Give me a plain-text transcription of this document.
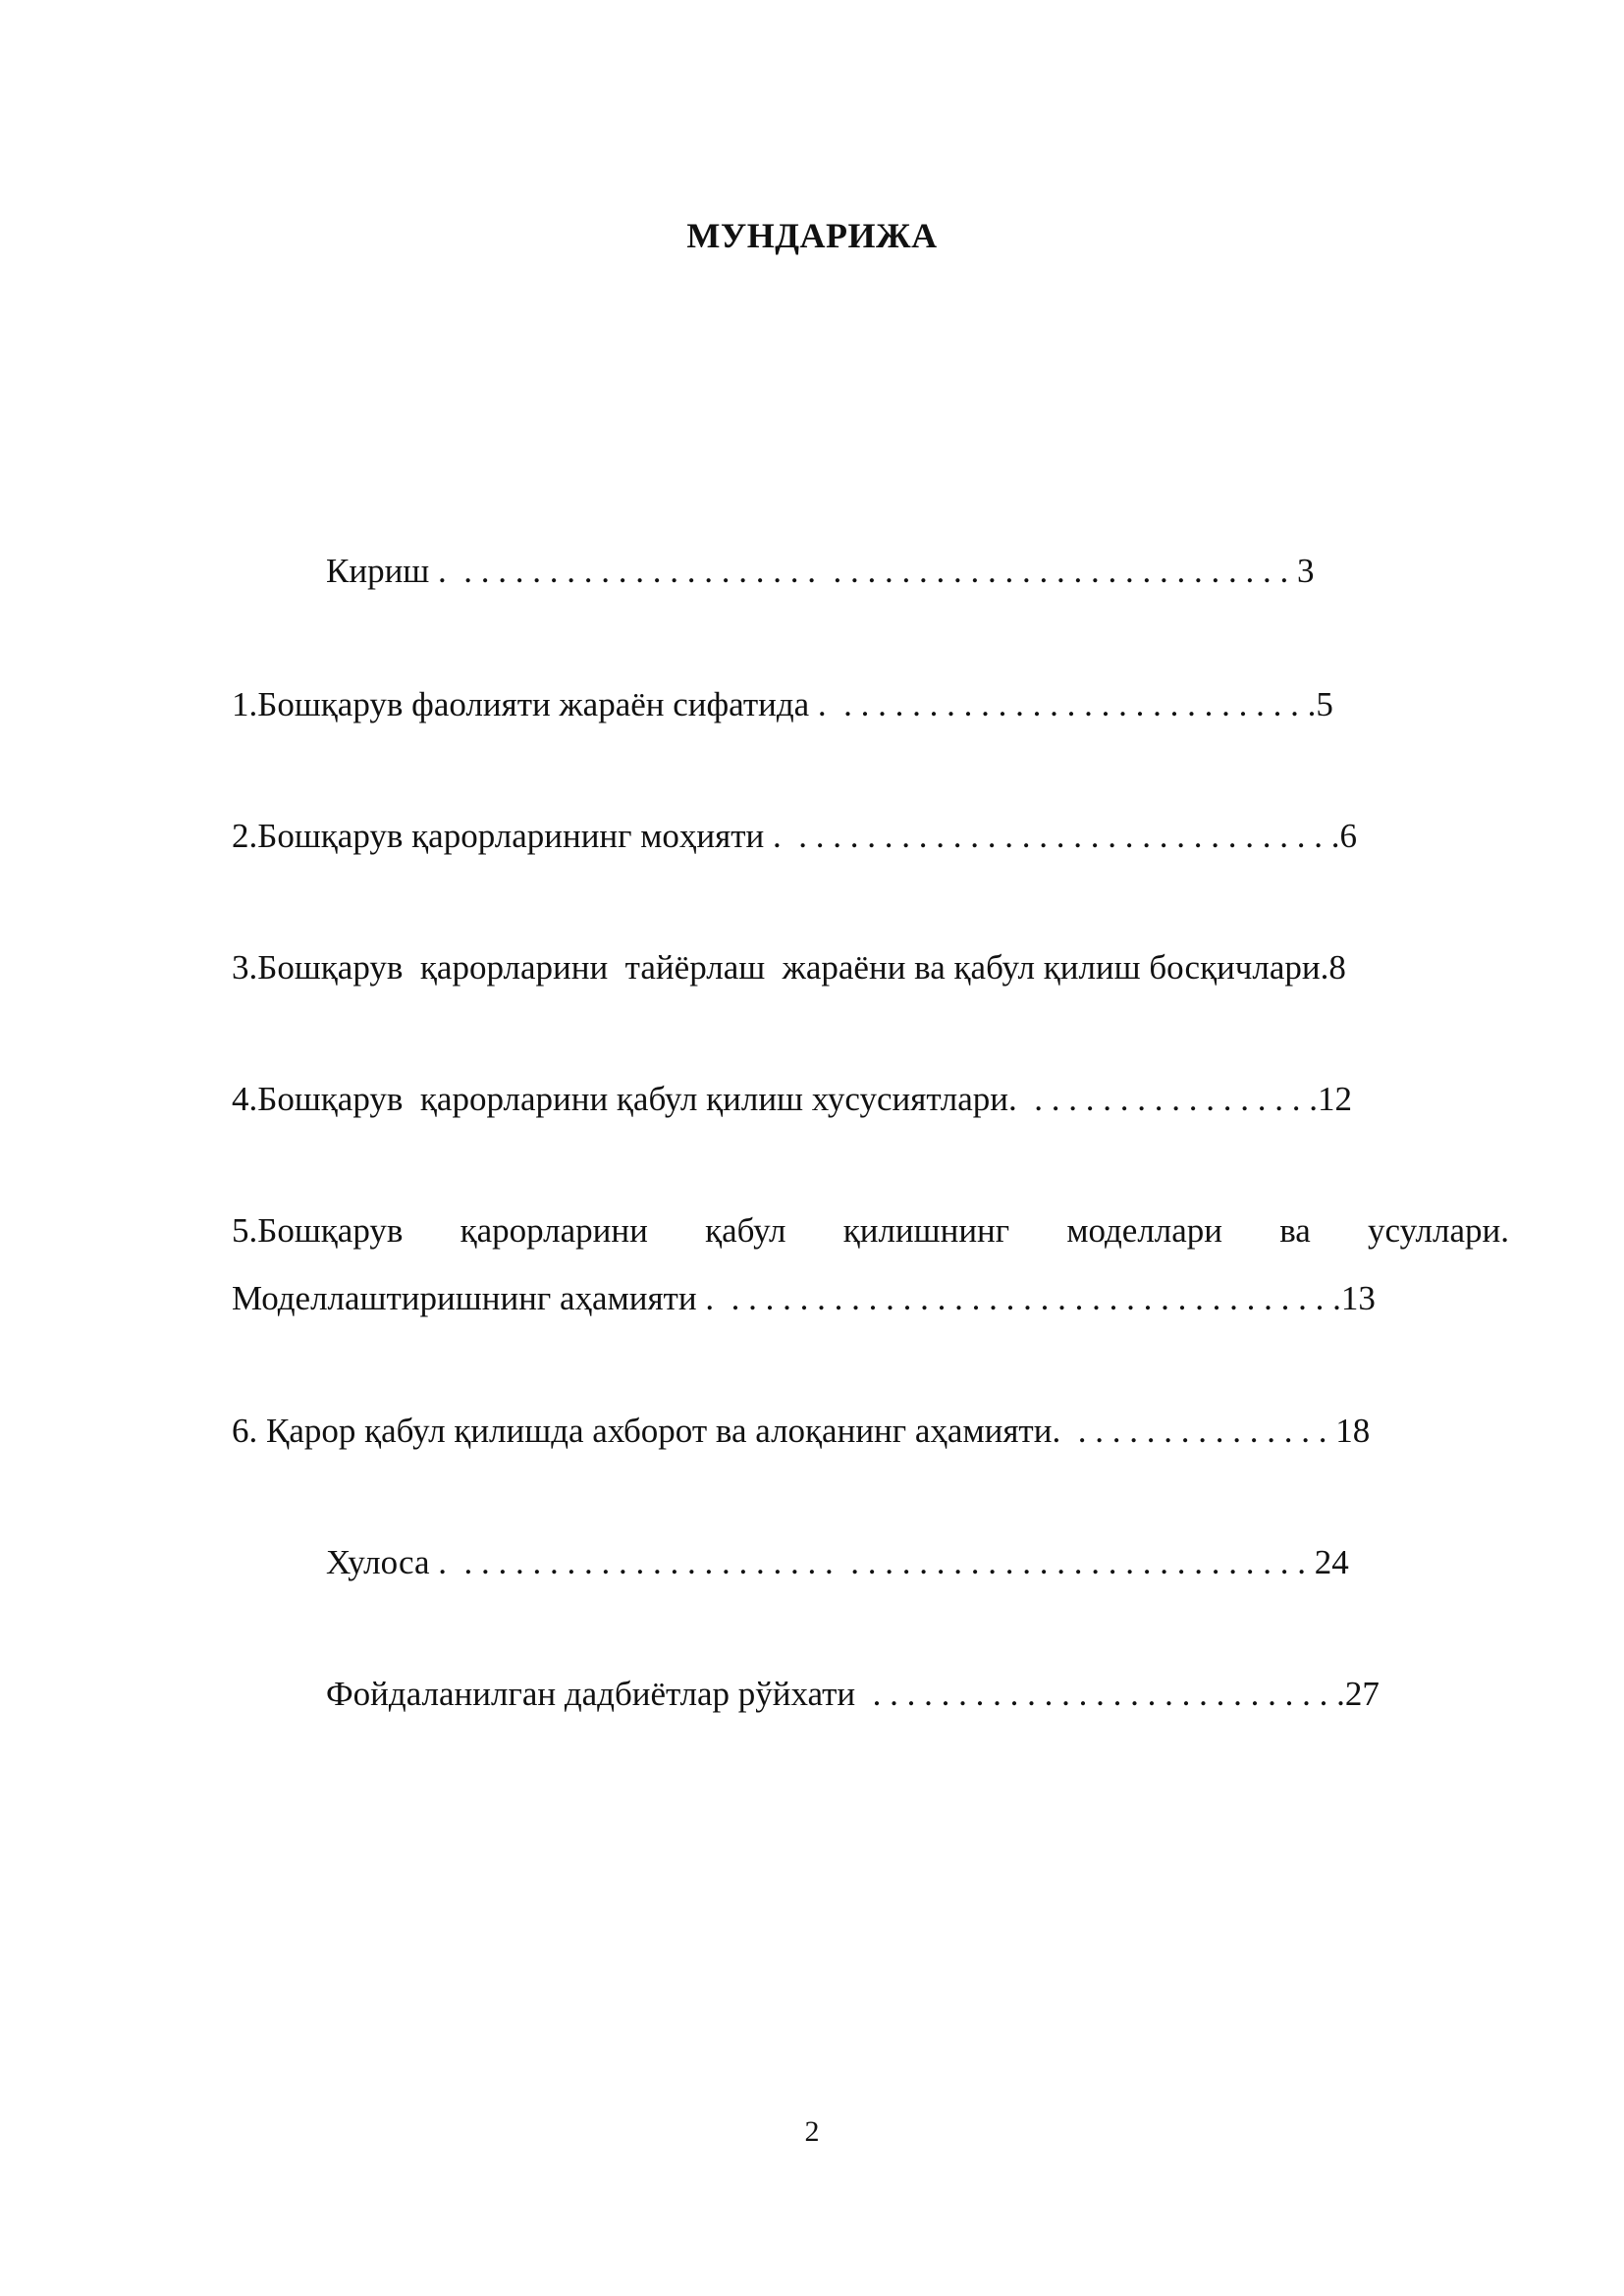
МУНДАРИЖА
Кириш .  . . . . . . . . . . . . . . . . . . . . .  . . . . . . . . . . . . . . . . . . . . . . . . . . . 3
1.Бошқарув фаолияти жараён сифатида .  . . . . . . . . . . . . . . . . . . . . . . . . . . . .5
2.Бошқарув қарорларининг моҳияти .  . . . . . . . . . . . . . . . . . . . . . . . . . . . . . . . .6
3.Бошқарув  қарорларини  тайёрлаш  жараёни ва қабул қилиш босқичлари.8
4.Бошқарув  қарорларини қабул қилиш хусусиятлари.  . . . . . . . . . . . . . . . . .12
5.Бошқарув қарорларини қабул қилишнинг моделлари ва усуллари.
Моделлаштиришнинг аҳамияти .  . . . . . . . . . . . . . . . . . . . . . . . . . . . . . . . . . . . .13
6. Қарор қабул қилишда ахборот ва алоқанинг аҳамияти.  . . . . . . . . . . . . . . . 18
Хулоса .  . . . . . . . . . . . . . . . . . . . . . .  . . . . . . . . . . . . . . . . . . . . . . . . . . . 24
Фойдаланилган дадбиётлар рўйхати  . . . . . . . . . . . . . . . . . . . . . . . . . . . .27
2
